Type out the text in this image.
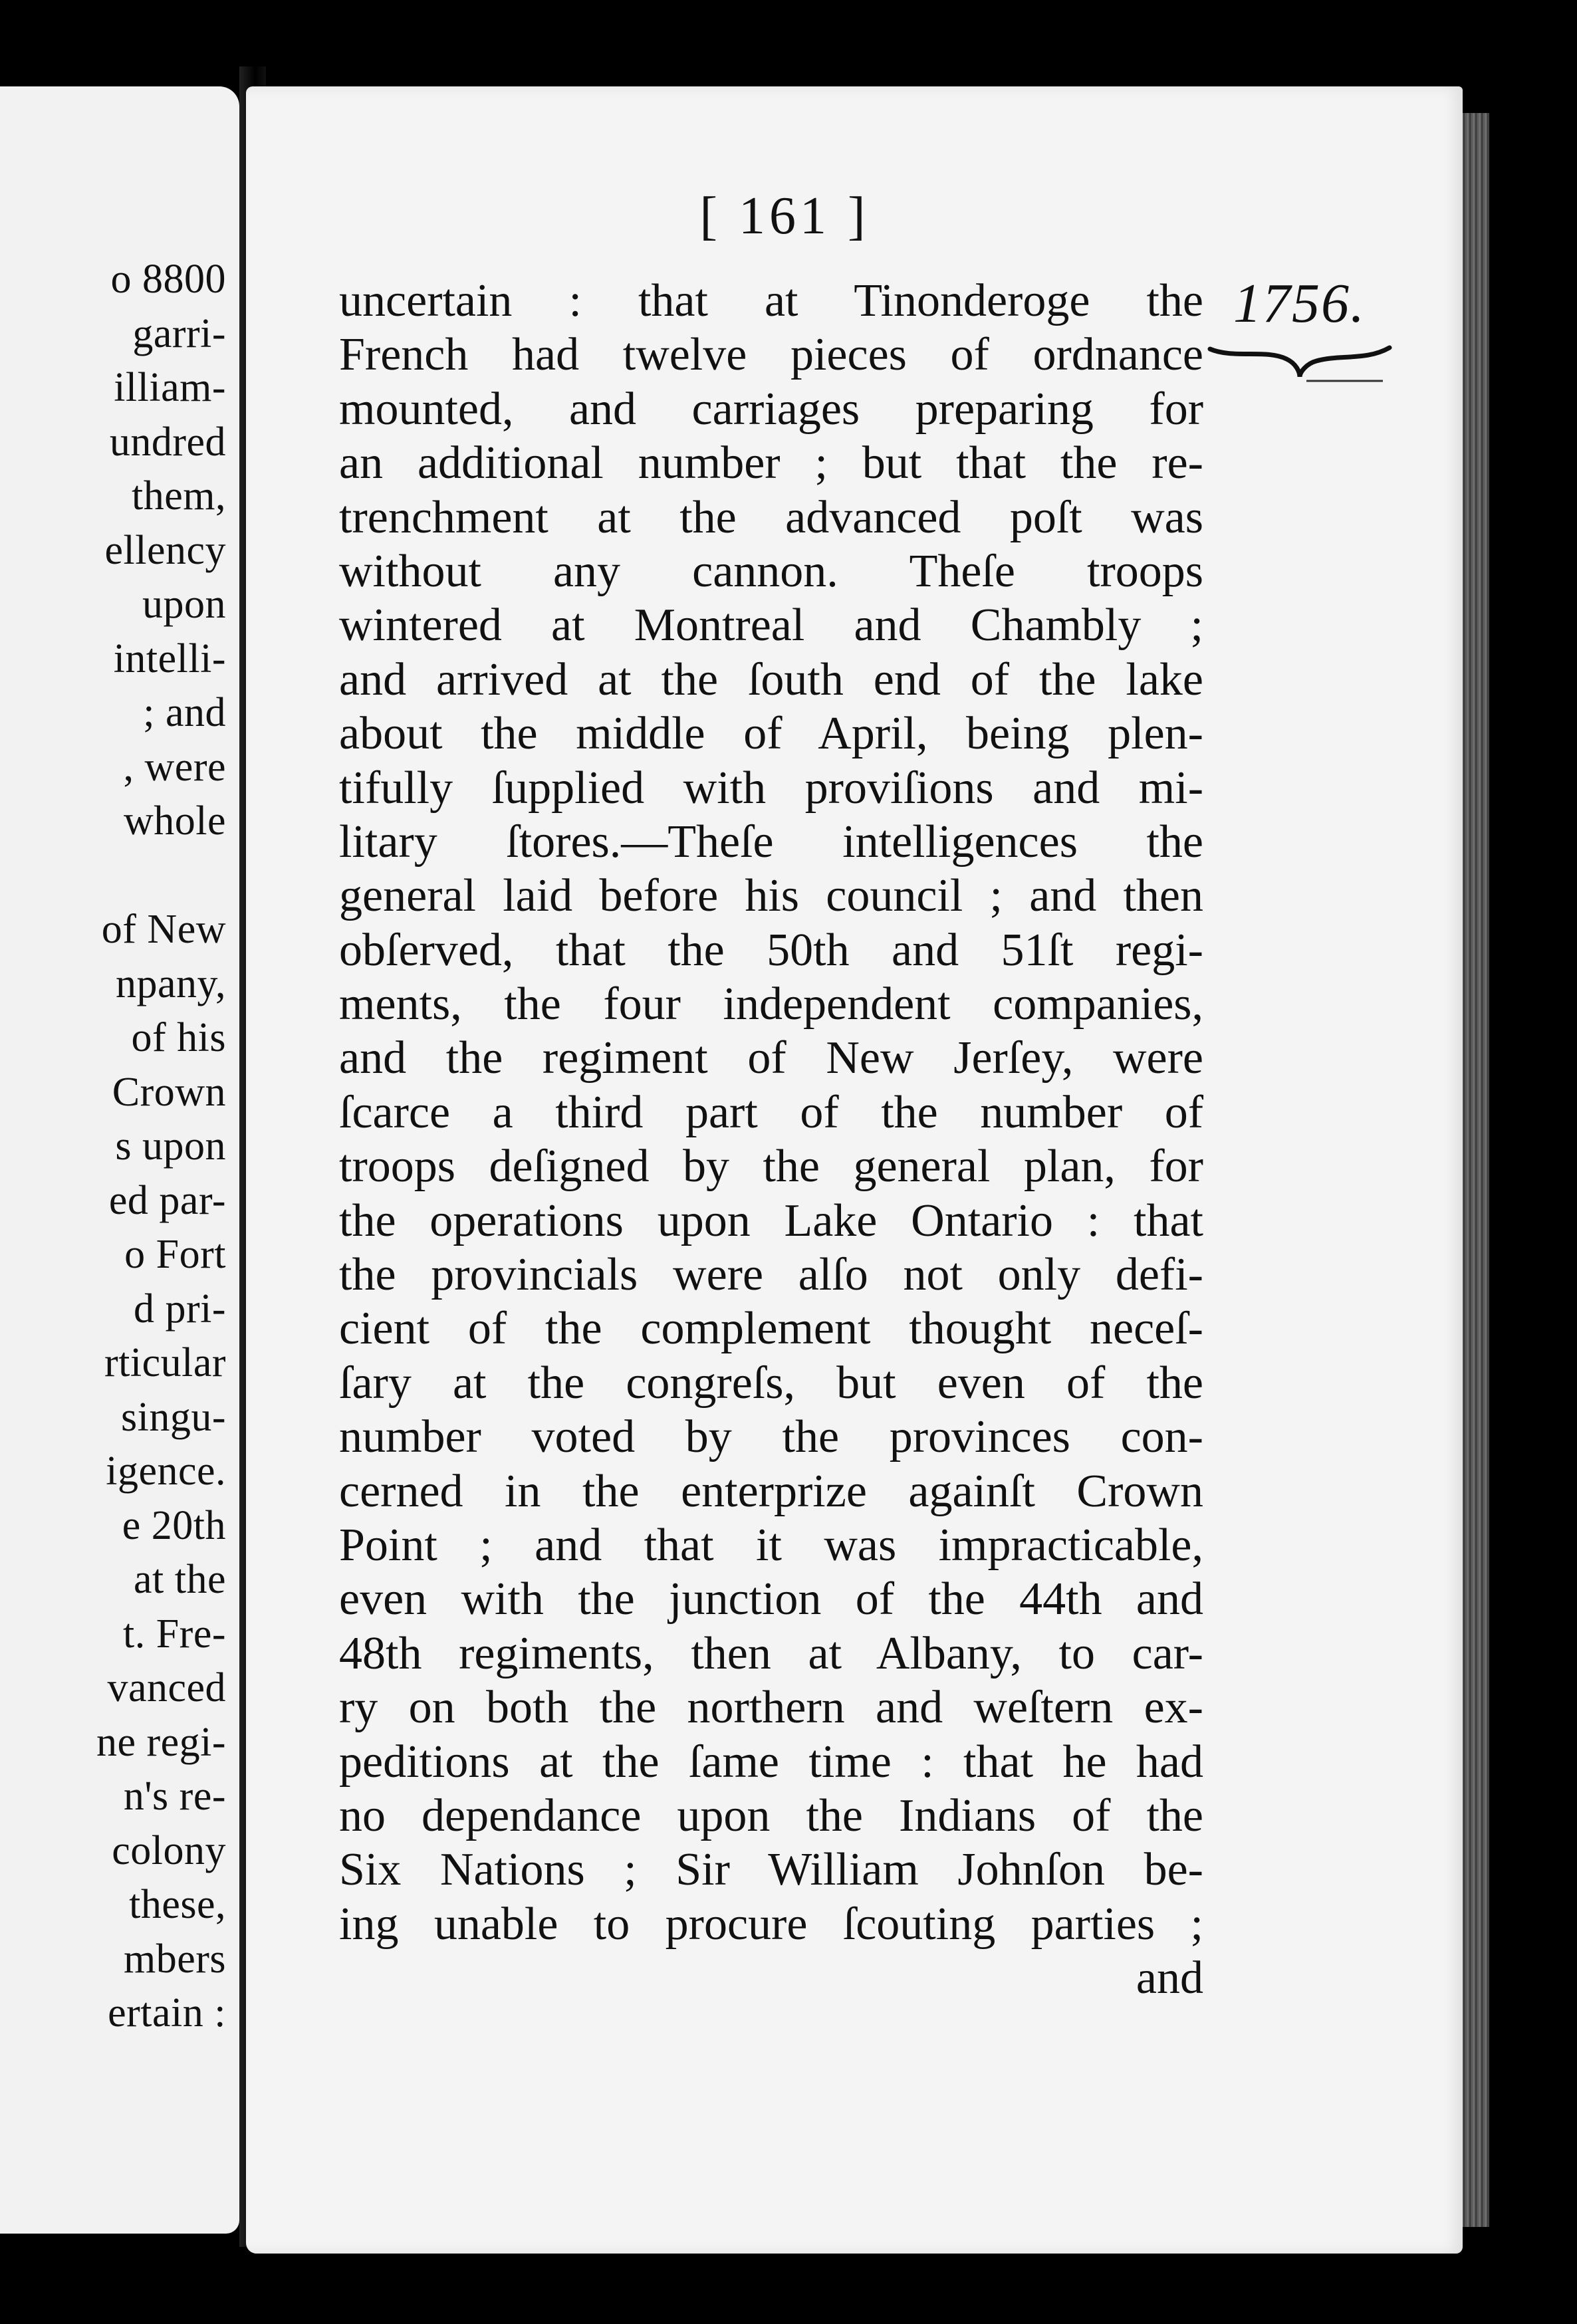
o 8800
garri-
illiam-
undred
them,
ellency
upon
intelli-
; and
, were
whole

of New
npany,
of his
Crown
s upon
ed par-
o Fort
d pri-
rticular
singu-
igence.
e 20th
at the
t. Fre-
vanced
ne regi-
n's re-
colony
these,
mbers
ertain :
[ 161 ]
1756.
uncertain : that at Tinonderoge the
French had twelve pieces of ordnance
mounted, and carriages preparing for
an additional number ; but that the re-
trenchment at the advanced poſt was
without any cannon. Theſe troops
wintered at Montreal and Chambly ;
and arrived at the ſouth end of the lake
about the middle of April, being plen-
tifully ſupplied with proviſions and mi-
litary ſtores.—Theſe intelligences the
general laid before his council ; and then
obſerved, that the 50th and 51ſt regi-
ments, the four independent companies,
and the regiment of New Jerſey, were
ſcarce a third part of the number of
troops deſigned by the general plan, for
the operations upon Lake Ontario : that
the provincials were alſo not only defi-
cient of the complement thought neceſ-
ſary at the congreſs, but even of the
number voted by the provinces con-
cerned in the enterprize againſt Crown
Point ; and that it was impracticable,
even with the junction of the 44th and
48th regiments, then at Albany, to car-
ry on both the northern and weſtern ex-
peditions at the ſame time : that he had
no dependance upon the Indians of the
Six Nations ; Sir William Johnſon be-
ing unable to procure ſcouting parties ;
and
